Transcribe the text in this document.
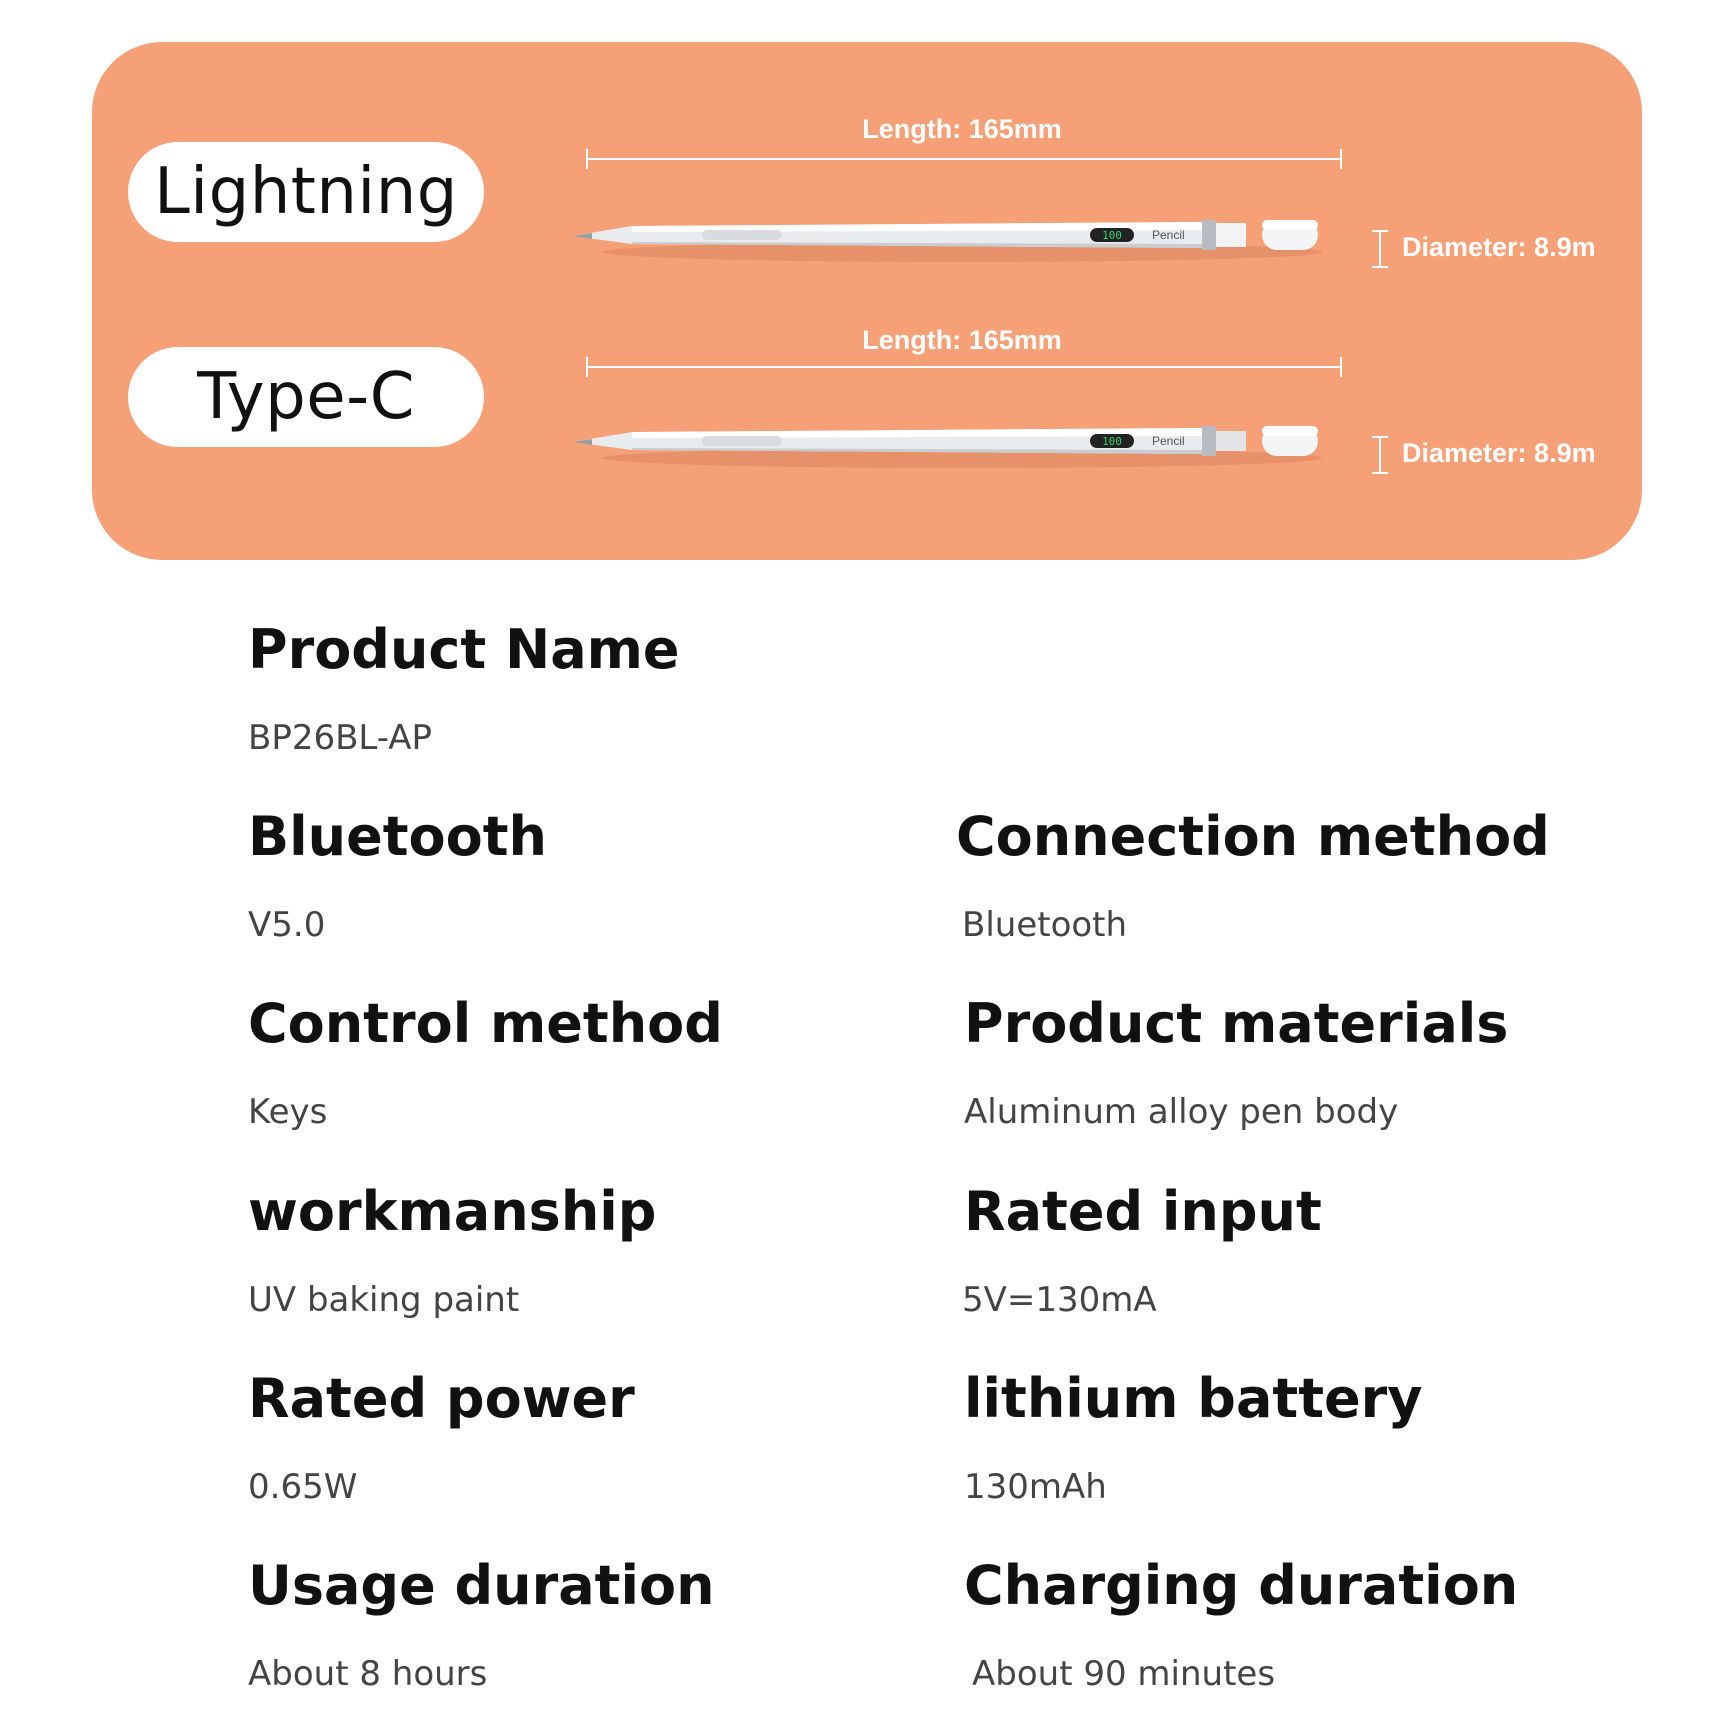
Lightning
Length: 165mm
100	Pencil	Diameter: 8.9m
Type-C
Length: 165mm
100	Pencil	Diameter: 8.9m
Product Name
BP26BL-AP
Bluetooth
V5.0
Connection method
Bluetooth
Control method
Keys
Product materials
Aluminum alloy pen body
workmanship
UV baking paint
Rated input
5V=130mA
Rated power
0.65W
lithium battery
130mAh
Usage duration
About 8 hours
Charging duration
About 90 minutes
